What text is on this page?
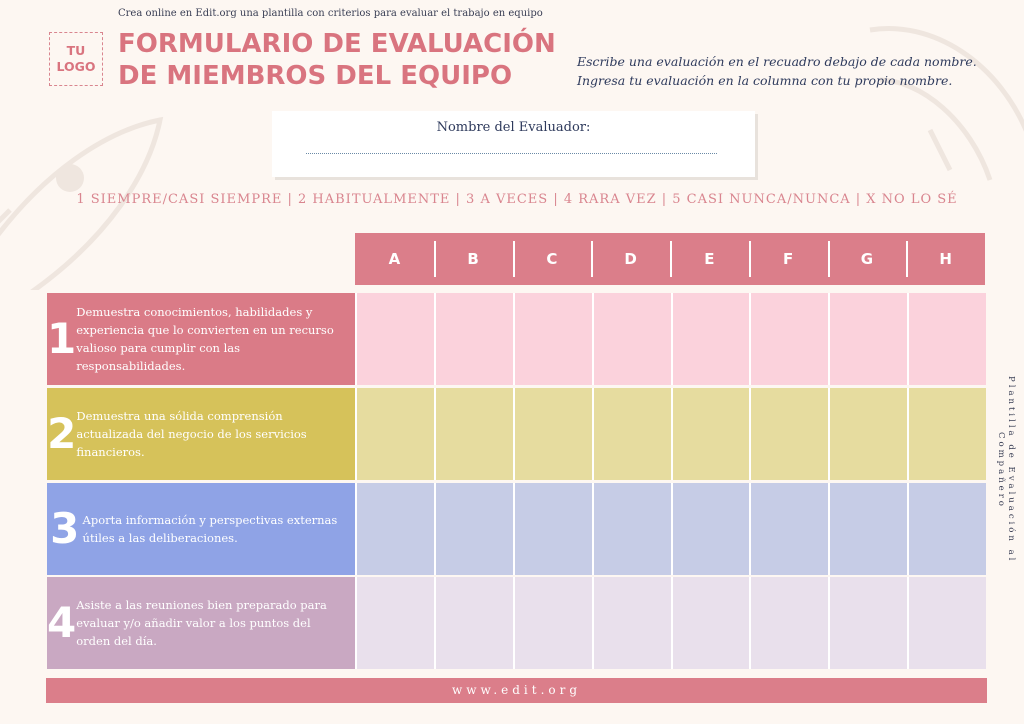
Crea online en Edit.org una plantilla con criterios para evaluar el trabajo en equipo
TU
LOGO
FORMULARIO DE EVALUACIÓN
DE MIEMBROS DEL EQUIPO	Escribe una evaluación en el recuadro debajo de cada nombre.
Ingresa tu evaluación en la columna con tu propio nombre.
Nombre del Evaluador:
1 SIEMPRE/CASI SIEMPRE | 2 HABITUALMENTE | 3 A VECES | 4 RARA VEZ | 5 CASI NUNCA/NUNCA | X NO LO SÉ
A	B	C	D	E	F	G	H
1
Demuestra conocimientos, habilidades y experiencia que lo convierten en un recurso valioso para cumplir con las responsabilidades.
2 Demuestra una sólida comprensión actualizada del negocio de los servicios financieros.
3 Aporta información y perspectivas externas útiles a las deliberaciones.
4 Asiste a las reuniones bien preparado para evaluar y/o añadir valor a los puntos del orden del día.
www.edit.org
Plantilla de Evaluación al Compañero
